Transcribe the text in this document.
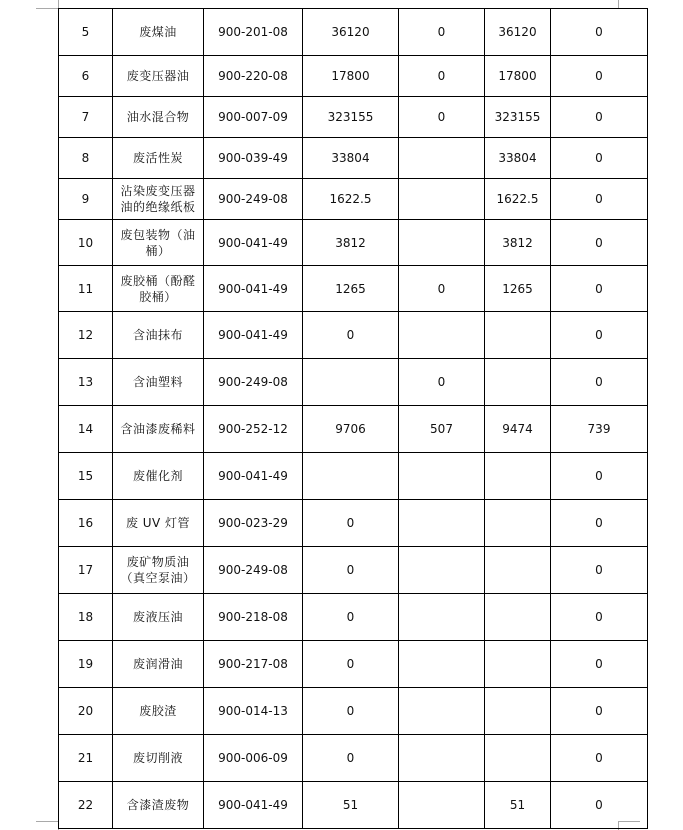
5	废煤油	900-201-08	36120	0	36120	0
6	废变压器油	900-220-08	17800	0	17800	0
7	油水混合物	900-007-09	323155	0	323155	0
8	废活性炭	900-039-49	33804		33804	0
9	沾染废变压器油的绝缘纸板	900-249-08	1622.5		1622.5	0
10	废包装物（油桶）	900-041-49	3812		3812	0
11	废胶桶（酚醛胶桶）	900-041-49	1265	0	1265	0
12	含油抹布	900-041-49	0			0
13	含油塑料	900-249-08		0		0
14	含油漆废稀料	900-252-12	9706	507	9474	739
15	废催化剂	900-041-49				0
16	废 UV 灯管	900-023-29	0			0
17	废矿物质油（真空泵油）	900-249-08	0			0
18	废液压油	900-218-08	0			0
19	废润滑油	900-217-08	0			0
20	废胶渣	900-014-13	0			0
21	废切削液	900-006-09	0			0
22	含漆渣废物	900-041-49	51		51	0
